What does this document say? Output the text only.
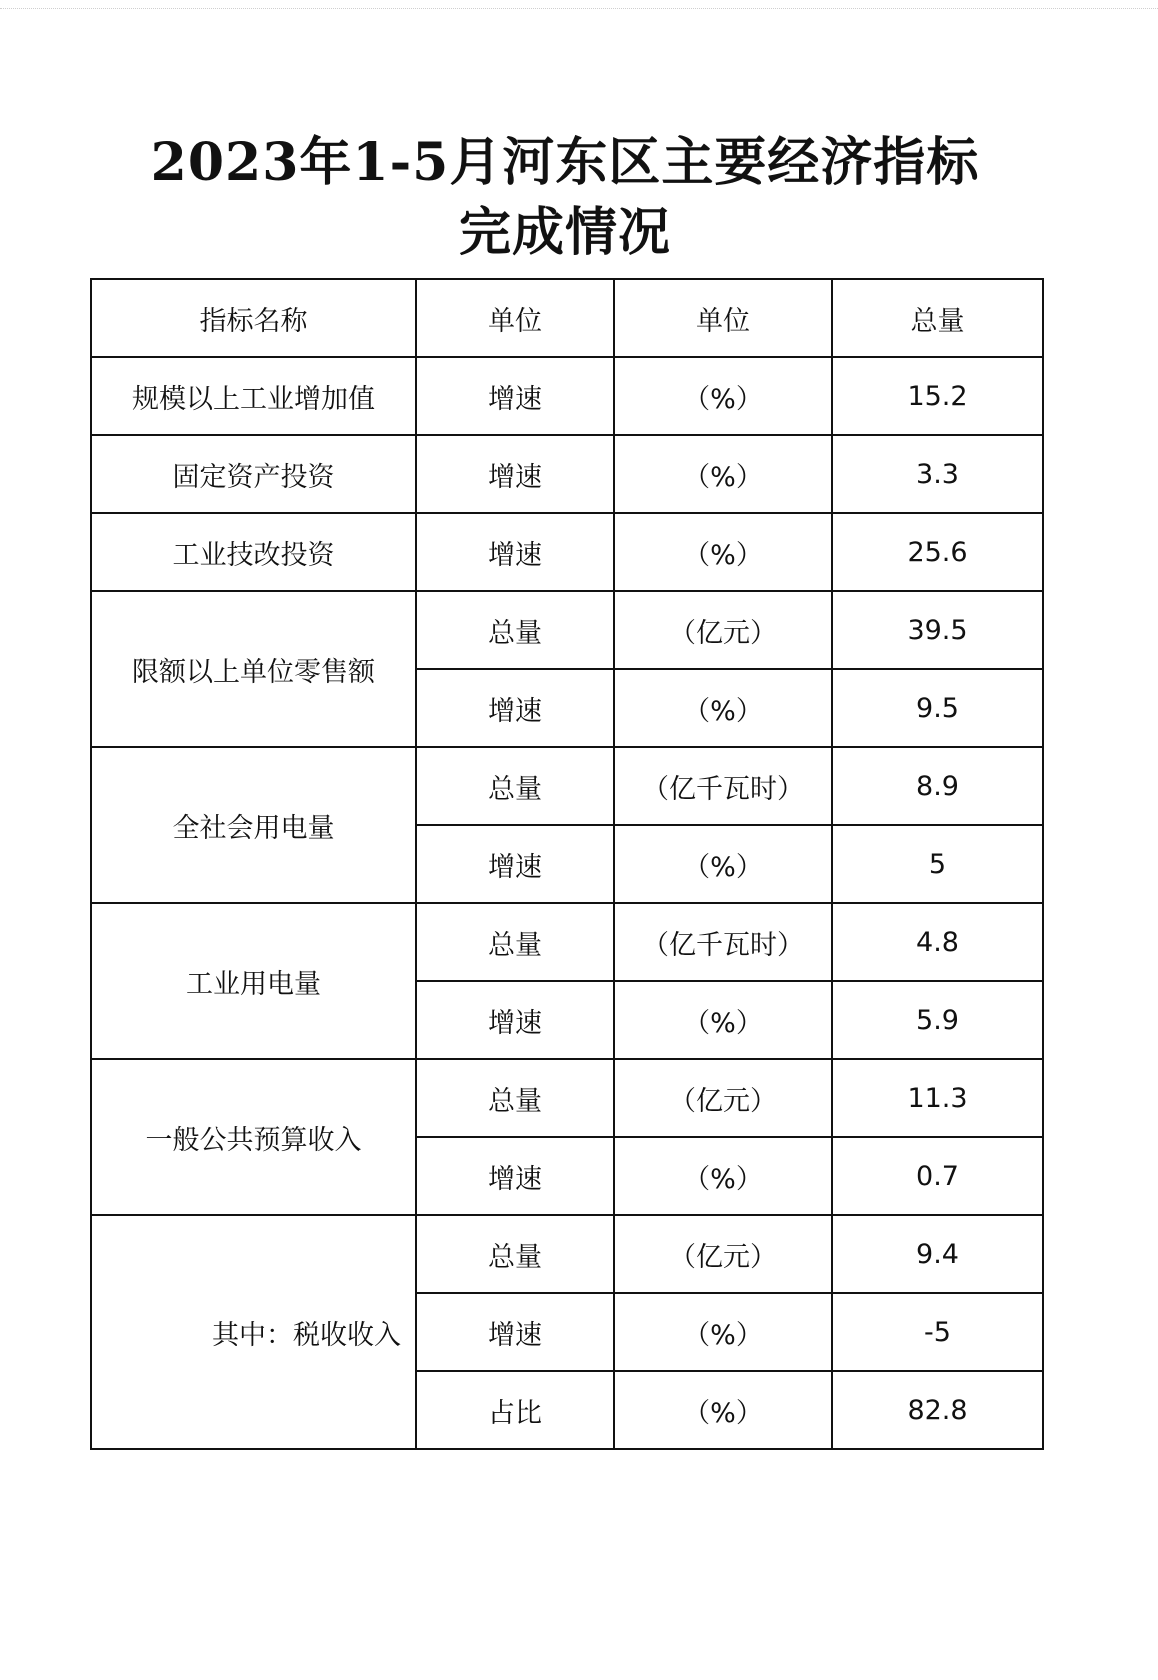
2023年1-5月河东区主要经济指标
完成情况
指标名称	单位	单位	总量
规模以上工业增加值	增速	（%）	15.2
固定资产投资	增速	（%）	3.3
工业技改投资	增速	（%）	25.6
限额以上单位零售额	总量	（亿元）	39.5
	增速	（%）	9.5
全社会用电量	总量	（亿千瓦时）	8.9
	增速	（%）	5
工业用电量	总量	（亿千瓦时）	4.8
	增速	（%）	5.9
一般公共预算收入	总量	（亿元）	11.3
	增速	（%）	0.7
其中：税收收入	总量	（亿元）	9.4
	增速	（%）	-5
	占比	（%）	82.8
